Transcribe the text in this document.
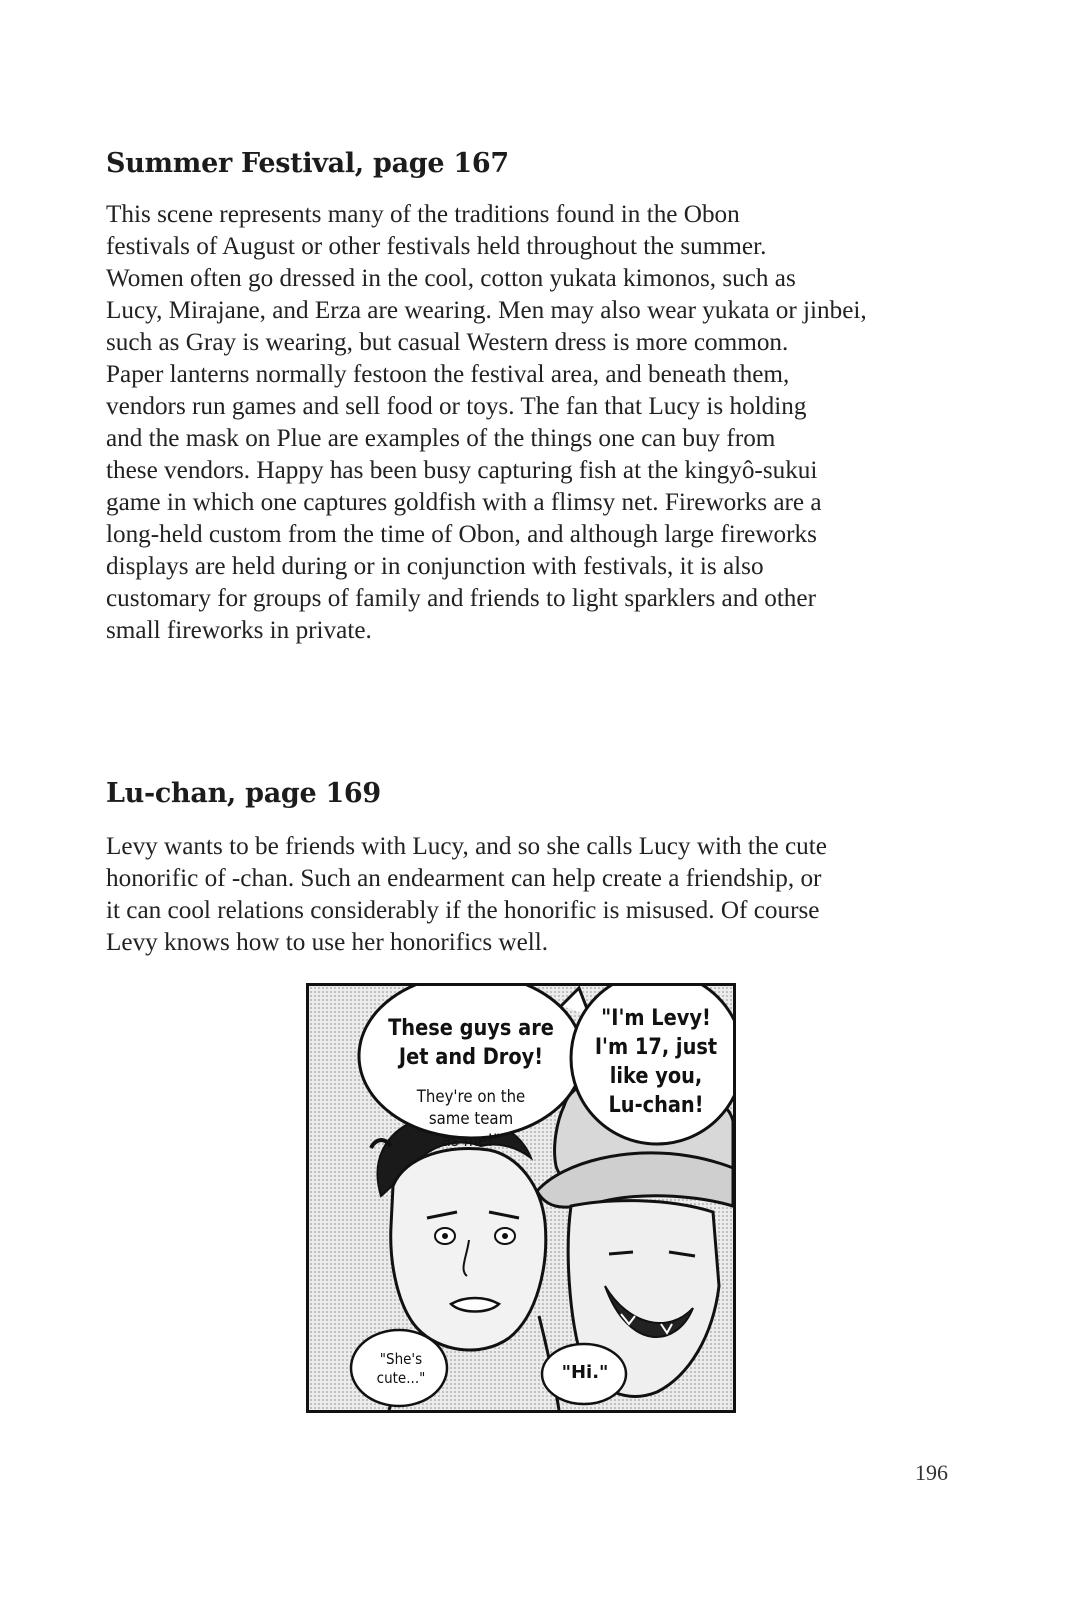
Summer Festival, page 167

This scene represents many of the traditions found in the Obon
festivals of August or other festivals held throughout the summer.
Women often go dressed in the cool, cotton yukata kimonos, such as
Lucy, Mirajane, and Erza are wearing. Men may also wear yukata or jinbei,
such as Gray is wearing, but casual Western dress is more common.
Paper lanterns normally festoon the festival area, and beneath them,
vendors run games and sell food or toys. The fan that Lucy is holding
and the mask on Plue are examples of the things one can buy from
these vendors. Happy has been busy capturing fish at the kingyô-sukui
game in which one captures goldfish with a flimsy net. Fireworks are a
long-held custom from the time of Obon, and although large fireworks
displays are held during or in conjunction with festivals, it is also
customary for groups of family and friends to light sparklers and other
small fireworks in private.

Lu-chan, page 169

Levy wants to be friends with Lucy, and so she calls Lucy with the cute
honorific of -chan. Such an endearment can help create a friendship, or
it can cool relations considerably if the honorific is misused. Of course
Levy knows how to use her honorifics well.

These guys are
Jet and Droy!
They're on the
same team
as me!"
"I'm Levy!
I'm 17, just
like you,
Lu-chan!
"She's
cute..."	"Hi."
196
